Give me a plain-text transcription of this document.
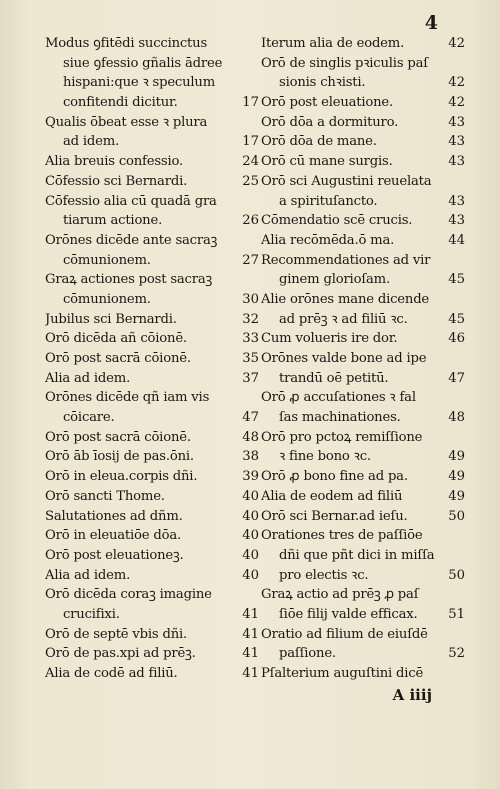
4
Modus ꝯfitēdi succinctus
siue ꝯfessio gñalis ādree
hispani:que ꝛ speculum
confitendi dicitur.	17
Qualis ōbeat esse ꝛ plura
ad idem.	17
Alia breuis confessio.	24
Cōfessio sci Bernardi.	25
Cōfessio alia cū quadā gra
tiarum actione.	26
Orōnes dicēde ante sacraꝫ
cōmunionem.	27
Graꝝ actiones post sacraꝫ
cōmunionem.	30
Jubilus sci Bernardi.	32
Orō dicēda añ cōionē.	33
Orō post sacrā cōionē.	35
Alia ad idem.	37
Orōnes dicēde qñ iam vis
cōicare.	47
Orō post sacrā cōionē.	48
Orō āb īosij de pas.ōni.	38
Orō in eleua.corpis dñi.	39
Orō sancti Thome.	40
Salutationes ad dñm.	40
Orō in eleuatiōe dōa.	40
Orō post eleuationeꝫ.	40
Alia ad idem.	40
Orō dicēda coraꝫ imagine
crucifixi.	41
Orō de septē vbis dñi.	41
Orō de pas.xpi ad prēꝫ.	41
Alia de codē ad filiū.	41
Iterum alia de eodem.	42
Orō de singlis pꝛiculis paſ
sionis chꝛisti.	42
Orō post eleuatione.	42
Orō dōa a dormituro.	43
Orō dōa de mane.	43
Orō cū mane surgis.	43
Orō sci Augustini reuelata
a spirituſancto.	43
Cōmendatio scē crucis.	43
Alia recōmēda.ō ma.	44
Recommendationes ad vir
ginem glorioſam.	45
Alie orōnes mane dicende
ad prēꝫ ꝛ ad filiū ꝛc.	45
Cum volueris ire dor.	46
Orōnes valde bone ad ipe
trandū oē petitū.	47
Orō ꝓ accuſationes ꝛ fal
ſas machinationes.	48
Orō pro pctoꝝ remiſſione
ꝛ fine bono ꝛc.	49
Orō ꝓ bono fine ad pa.	49
Alia de eodem ad filiū	49
Orō sci Bernar.ad ieſu.	50
Orationes tres de paſſiōe
dñi que pñt dici in miſſa
pro electis ꝛc.	50
Graꝝ actio ad prēꝫ ꝓ paſ
ſiōe filij valde efficax.	51
Oratio ad filium de eiuſdē
paſſione.	52
Pſalterium auguſtini dicē
A iiij
